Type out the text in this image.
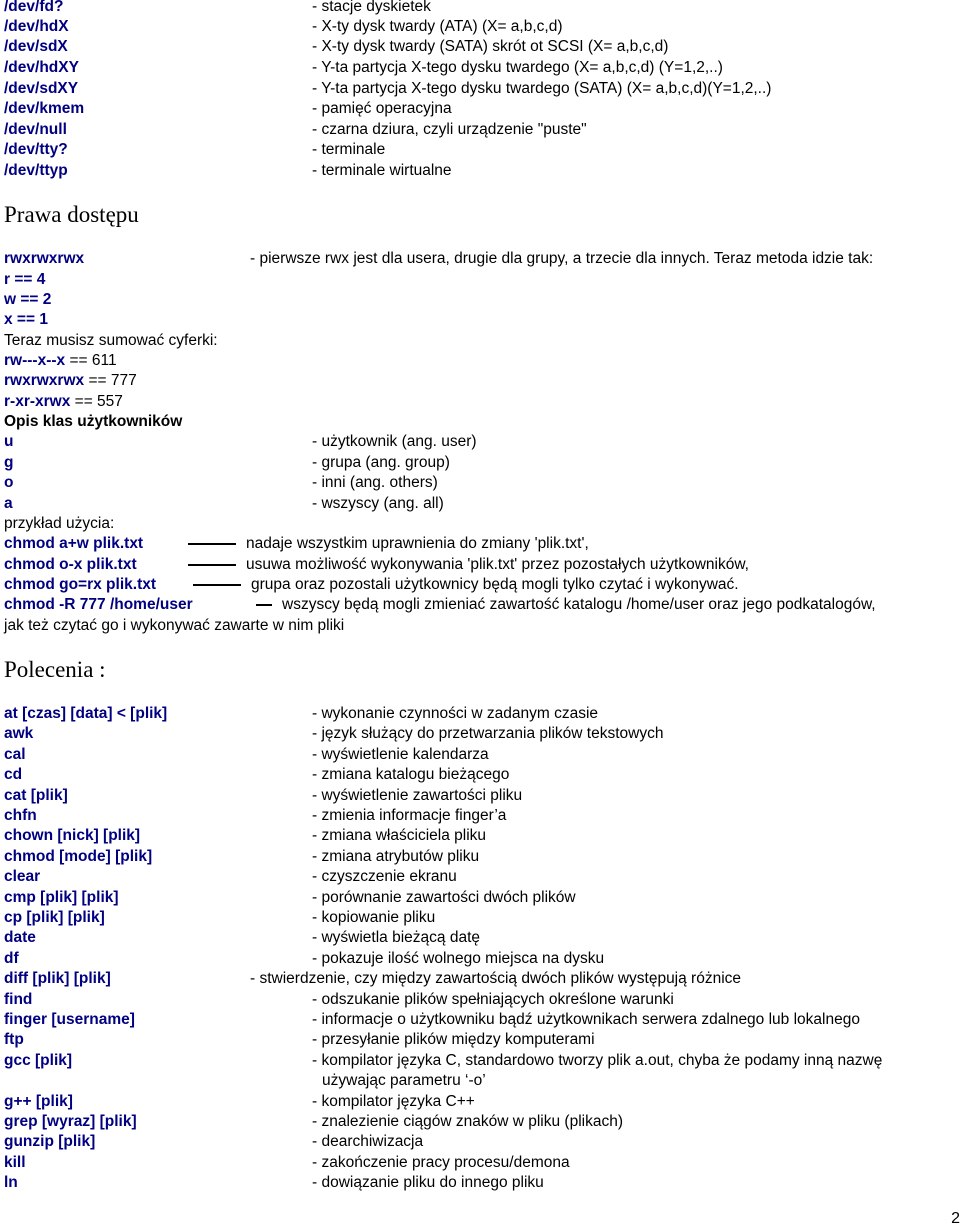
/dev/fd?	- stacje dyskietek
/dev/hdX	- X-ty dysk twardy (ATA) (X= a,b,c,d)
/dev/sdX	- X-ty dysk twardy (SATA) skrót ot SCSI (X= a,b,c,d)
/dev/hdXY	- Y-ta partycja X-tego dysku twardego (X= a,b,c,d) (Y=1,2,..)
/dev/sdXY	- Y-ta partycja X-tego dysku twardego (SATA) (X= a,b,c,d)(Y=1,2,..)
/dev/kmem	- pamięć operacyjna
/dev/null	- czarna dziura, czyli urządzenie "puste"
/dev/tty?	- terminale
/dev/ttyp	- terminale wirtualne
Prawa dostępu
rwxrwxrwx	- pierwsze rwx jest dla usera, drugie dla grupy, a trzecie dla innych. Teraz metoda idzie tak:
r == 4
w == 2
x == 1
Teraz musisz sumować cyferki:
rw---x--x == 611
rwxrwxrwx == 777
r-xr-xrwx == 557
Opis klas użytkowników
u	- użytkownik (ang. user)
g	- grupa (ang. group)
o	- inni (ang. others)
a	- wszyscy (ang. all)
przykład użycia:
chmod a+w plik.txt	nadaje wszystkim uprawnienia do zmiany 'plik.txt',
chmod o-x plik.txt	usuwa możliwość wykonywania 'plik.txt' przez pozostałych użytkowników,
chmod go=rx plik.txt	grupa oraz pozostali użytkownicy będą mogli tylko czytać i wykonywać.
chmod -R 777 /home/user	wszyscy będą mogli zmieniać zawartość katalogu /home/user oraz jego podkatalogów,
jak też czytać go i wykonywać zawarte w nim pliki
Polecenia :
at [czas] [data] < [plik]	- wykonanie czynności w zadanym czasie
awk	- język służący do przetwarzania plików tekstowych
cal	- wyświetlenie kalendarza
cd	- zmiana katalogu bieżącego
cat [plik]	- wyświetlenie zawartości pliku
chfn	- zmienia informacje finger’a
chown [nick] [plik]	- zmiana właściciela pliku
chmod [mode] [plik]	- zmiana atrybutów pliku
clear	- czyszczenie ekranu
cmp [plik] [plik]	- porównanie zawartości dwóch plików
cp [plik] [plik]	- kopiowanie pliku
date	- wyświetla bieżącą datę
df	- pokazuje ilość wolnego miejsca na dysku
diff [plik] [plik]	- stwierdzenie, czy między zawartością dwóch plików występują różnice
find	- odszukanie plików spełniających określone warunki
finger [username]	- informacje o użytkowniku bądź użytkownikach serwera zdalnego lub lokalnego
ftp	- przesyłanie plików między komputerami
gcc [plik]	- kompilator języka C, standardowo tworzy plik a.out, chyba że podamy inną nazwę
używając parametru ‘-o’
g++ [plik]	- kompilator języka C++
grep [wyraz] [plik]	- znalezienie ciągów znaków w pliku (plikach)
gunzip [plik]	- dearchiwizacja
kill	- zakończenie pracy procesu/demona
ln	- dowiązanie pliku do innego pliku
2
